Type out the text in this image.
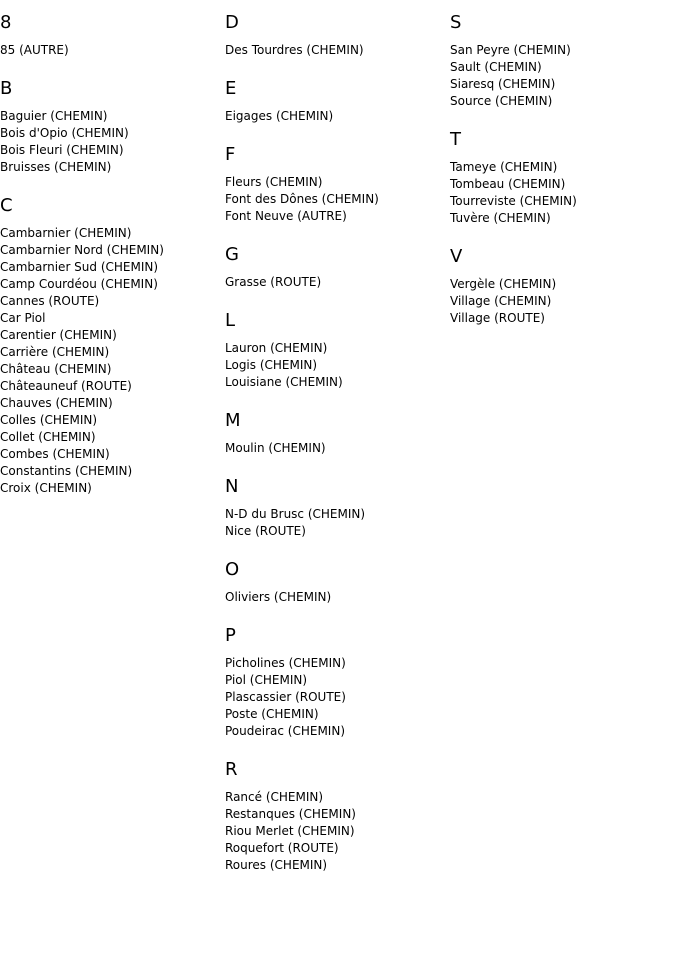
8
85 (AUTRE)
B
Baguier (CHEMIN)
Bois d'Opio (CHEMIN)
Bois Fleuri (CHEMIN)
Bruisses (CHEMIN)
C
Cambarnier (CHEMIN)
Cambarnier Nord (CHEMIN)
Cambarnier Sud (CHEMIN)
Camp Courdéou (CHEMIN)
Cannes (ROUTE)
Car Piol
Carentier (CHEMIN)
Carrière (CHEMIN)
Château (CHEMIN)
Châteauneuf (ROUTE)
Chauves (CHEMIN)
Colles (CHEMIN)
Collet (CHEMIN)
Combes (CHEMIN)
Constantins (CHEMIN)
Croix (CHEMIN)
D
Des Tourdres (CHEMIN)
E
Eigages (CHEMIN)
F
Fleurs (CHEMIN)
Font des Dônes (CHEMIN)
Font Neuve (AUTRE)
G
Grasse (ROUTE)
L
Lauron (CHEMIN)
Logis (CHEMIN)
Louisiane (CHEMIN)
M
Moulin (CHEMIN)
N
N-D du Brusc (CHEMIN)
Nice (ROUTE)
O
Oliviers (CHEMIN)
P
Picholines (CHEMIN)
Piol (CHEMIN)
Plascassier (ROUTE)
Poste (CHEMIN)
Poudeirac (CHEMIN)
R
Rancé (CHEMIN)
Restanques (CHEMIN)
Riou Merlet (CHEMIN)
Roquefort (ROUTE)
Roures (CHEMIN)
S
San Peyre (CHEMIN)
Sault (CHEMIN)
Siaresq (CHEMIN)
Source (CHEMIN)
T
Tameye (CHEMIN)
Tombeau (CHEMIN)
Tourreviste (CHEMIN)
Tuvère (CHEMIN)
V
Vergèle (CHEMIN)
Village (CHEMIN)
Village (ROUTE)
